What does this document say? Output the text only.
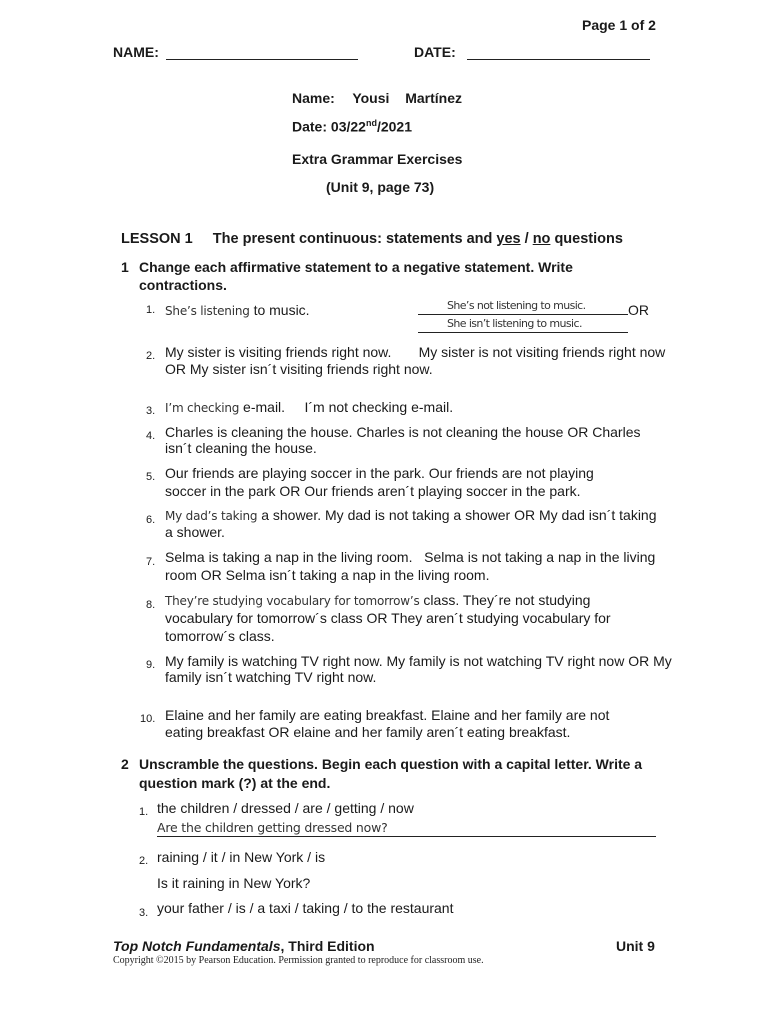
Page 1 of 2
NAME:	DATE:
Name: Yousi Martínez
Date: 03/22nd/2021
Extra Grammar Exercises
(Unit 9, page 73)
LESSON 1 The present continuous: statements and yes / no questions
1 Change each affirmative statement to a negative statement. Write
contractions.
1. She’s listening to music.	She’s not listening to music.	OR
She isn’t listening to music.
2. My sister is visiting friends right now.       My sister is not visiting friends right now
OR My sister isn´t visiting friends right now.
3. I’m checking e-mail.     I´m not checking e-mail.
4. Charles is cleaning the house. Charles is not cleaning the house OR Charles
isn´t cleaning the house.
5. Our friends are playing soccer in the park. Our friends are not playing
soccer in the park OR Our friends aren´t playing soccer in the park.
6. My dad’s taking a shower. My dad is not taking a shower OR My dad isn´t taking
a shower.
7. Selma is taking a nap in the living room.   Selma is not taking a nap in the living
room OR Selma isn´t taking a nap in the living room.
8. They’re studying vocabulary for tomorrow’s class. They´re not studying
vocabulary for tomorrow´s class OR They aren´t studying vocabulary for
tomorrow´s class.
9. My family is watching TV right now. My family is not watching TV right now OR My
family isn´t watching TV right now.
10. Elaine and her family are eating breakfast. Elaine and her family are not
eating breakfast OR elaine and her family aren´t eating breakfast.
2 Unscramble the questions. Begin each question with a capital letter. Write a
question mark (?) at the end.
1. the children / dressed / are / getting / now
Are the children getting dressed now?
2. raining / it / in New York / is
Is it raining in New York?
3. your father / is / a taxi / taking / to the restaurant
Top Notch Fundamentals, Third Edition	Unit 9
Copyright ©2015 by Pearson Education. Permission granted to reproduce for classroom use.
